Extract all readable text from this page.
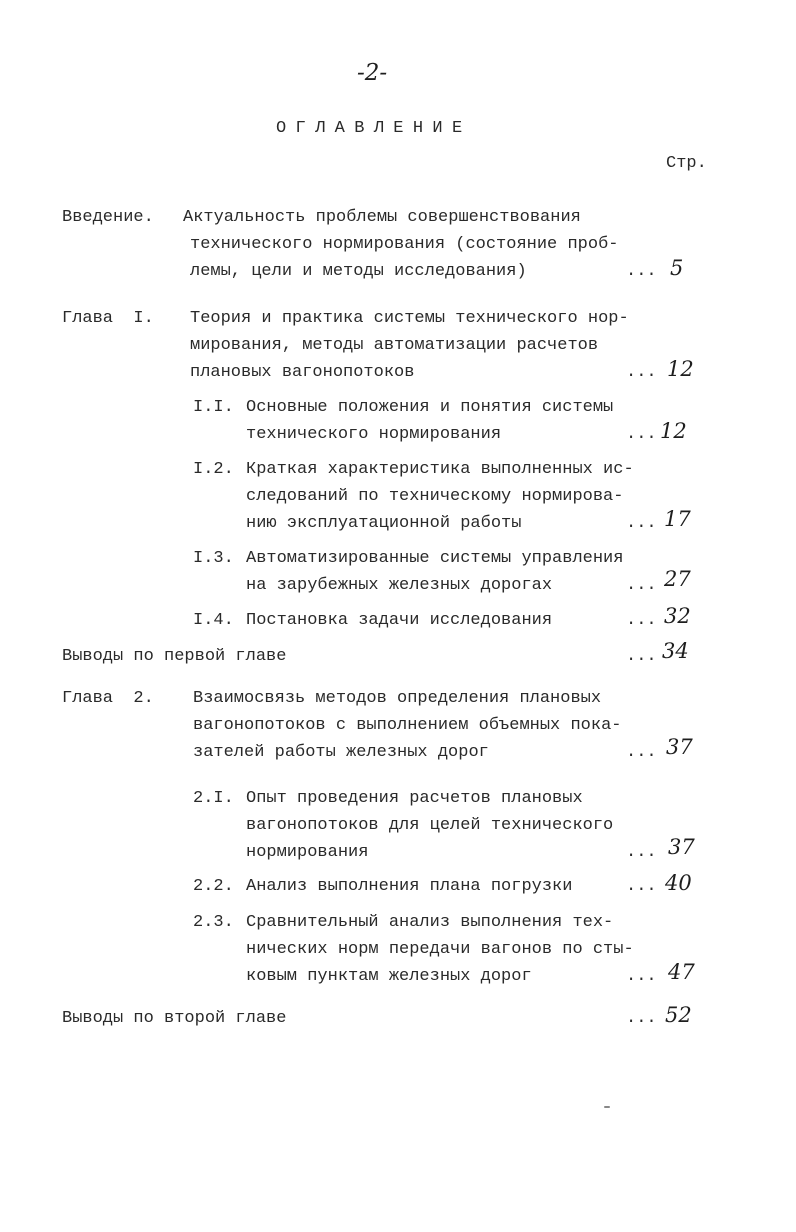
-2-
ОГЛАВЛЕНИЕ
Стр.
Введение. Актуальность проблемы совершенствования
технического нормирования (состояние проб-
лемы, цели и методы исследования)	... 5
Глава  I. Теория и практика системы технического нор-
мирования, методы автоматизации расчетов
плановых вагонопотоков	... 12
I.I. Основные положения и понятия системы
технического нормирования	... 12
I.2. Краткая характеристика выполненных ис-
следований по техническому нормирова-
нию эксплуатационной работы	... 17
I.3. Автоматизированные системы управления
на зарубежных железных дорогах	... 27
I.4. Постановка задачи исследования	... 32
Выводы по первой главе	... 34
Глава  2. Взаимосвязь методов определения плановых
вагонопотоков с выполнением объемных пока-
зателей работы железных дорог	... 37
2.I. Опыт проведения расчетов плановых
вагонопотоков для целей технического
нормирования	... 37
2.2. Анализ выполнения плана погрузки	... 40
2.3. Сравнительный анализ выполнения тех-
нических норм передачи вагонов по сты-
ковым пунктам железных дорог	... 47
Выводы по второй главе	... 52
